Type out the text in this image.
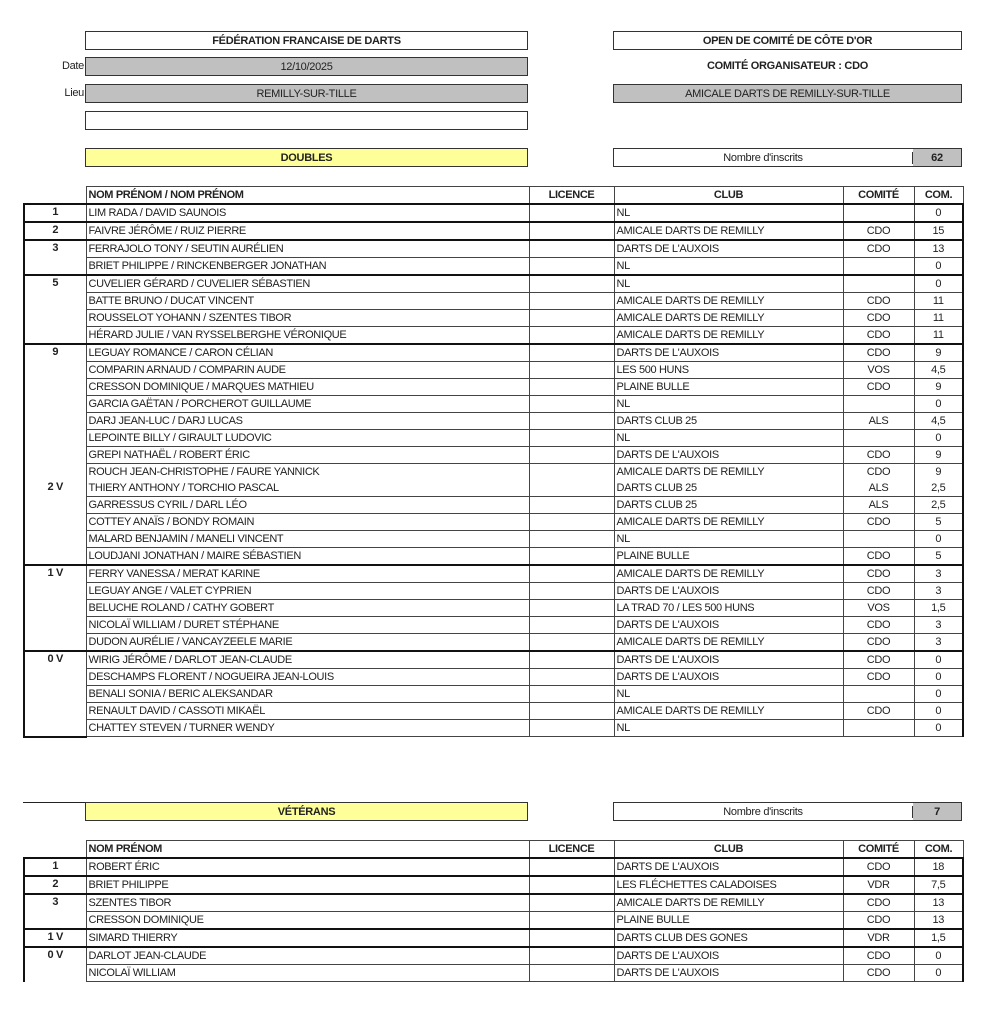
FÉDÉRATION FRANCAISE DE DARTS
Date	12/10/2025
Lieu	REMILLY-SUR-TILLE
DOUBLES
OPEN DE COMITÉ DE CÔTE D'OR
COMITÉ ORGANISATEUR : CDO
AMICALE DARTS DE REMILLY-SUR-TILLE
Nombre d'inscrits	62
	NOM PRÉNOM / NOM PRÉNOM	LICENCE	CLUB	COMITÉ	COM.
1	LIM RADA / DAVID SAUNOIS		NL		0
2	FAIVRE JÉRÔME / RUIZ PIERRE		AMICALE DARTS DE REMILLY	CDO	15
3	FERRAJOLO TONY / SEUTIN AURÉLIEN		DARTS DE L'AUXOIS	CDO	13
	BRIET PHILIPPE / RINCKENBERGER JONATHAN		NL		0
5	CUVELIER GÉRARD / CUVELIER SÉBASTIEN		NL		0
	BATTE BRUNO / DUCAT VINCENT		AMICALE DARTS DE REMILLY	CDO	11
	ROUSSELOT YOHANN / SZENTES TIBOR		AMICALE DARTS DE REMILLY	CDO	11
	HÉRARD JULIE / VAN RYSSELBERGHE VÉRONIQUE		AMICALE DARTS DE REMILLY	CDO	11
9	LEGUAY ROMANCE / CARON CÉLIAN		DARTS DE L'AUXOIS	CDO	9
	COMPARIN ARNAUD / COMPARIN AUDE		LES 500 HUNS	VOS	4,5
	CRESSON DOMINIQUE / MARQUES MATHIEU		PLAINE BULLE	CDO	9
	GARCIA GAËTAN / PORCHEROT GUILLAUME		NL		0
	DARJ JEAN-LUC / DARJ LUCAS		DARTS CLUB 25	ALS	4,5
	LEPOINTE BILLY / GIRAULT LUDOVIC		NL		0
	GREPI NATHAËL / ROBERT ÉRIC		DARTS DE L'AUXOIS	CDO	9
	ROUCH JEAN-CHRISTOPHE / FAURE YANNICK		AMICALE DARTS DE REMILLY	CDO	9
2 V	THIERY ANTHONY / TORCHIO PASCAL		DARTS CLUB 25	ALS	2,5
	GARRESSUS CYRIL / DARL LÉO		DARTS CLUB 25	ALS	2,5
	COTTEY ANAÏS / BONDY ROMAIN		AMICALE DARTS DE REMILLY	CDO	5
	MALARD BENJAMIN / MANELI VINCENT		NL		0
	LOUDJANI JONATHAN / MAIRE SÉBASTIEN		PLAINE BULLE	CDO	5
1 V	FERRY VANESSA / MERAT KARINE		AMICALE DARTS DE REMILLY	CDO	3
	LEGUAY ANGE / VALET CYPRIEN		DARTS DE L'AUXOIS	CDO	3
	BELUCHE ROLAND / CATHY GOBERT		LA TRAD 70 / LES 500 HUNS	VOS	1,5
	NICOLAÏ WILLIAM / DURET STÉPHANE		DARTS DE L'AUXOIS	CDO	3
	DUDON AURÉLIE / VANCAYZEELE MARIE		AMICALE DARTS DE REMILLY	CDO	3
0 V	WIRIG JÉRÔME / DARLOT JEAN-CLAUDE		DARTS DE L'AUXOIS	CDO	0
	DESCHAMPS FLORENT / NOGUEIRA JEAN-LOUIS		DARTS DE L'AUXOIS	CDO	0
	BENALI SONIA / BERIC ALEKSANDAR		NL		0
	RENAULT DAVID / CASSOTI MIKAËL		AMICALE DARTS DE REMILLY	CDO	0
	CHATTEY STEVEN / TURNER WENDY		NL		0
VÉTÉRANS	Nombre d'inscrits	7
	NOM PRÉNOM	LICENCE	CLUB	COMITÉ	COM.
1	ROBERT ÉRIC		DARTS DE L'AUXOIS	CDO	18
2	BRIET PHILIPPE		LES FLÉCHETTES CALADOISES	VDR	7,5
3	SZENTES TIBOR		AMICALE DARTS DE REMILLY	CDO	13
	CRESSON DOMINIQUE		PLAINE BULLE	CDO	13
1 V	SIMARD THIERRY		DARTS CLUB DES GONES	VDR	1,5
0 V	DARLOT JEAN-CLAUDE		DARTS DE L'AUXOIS	CDO	0
	NICOLAÏ WILLIAM		DARTS DE L'AUXOIS	CDO	0
